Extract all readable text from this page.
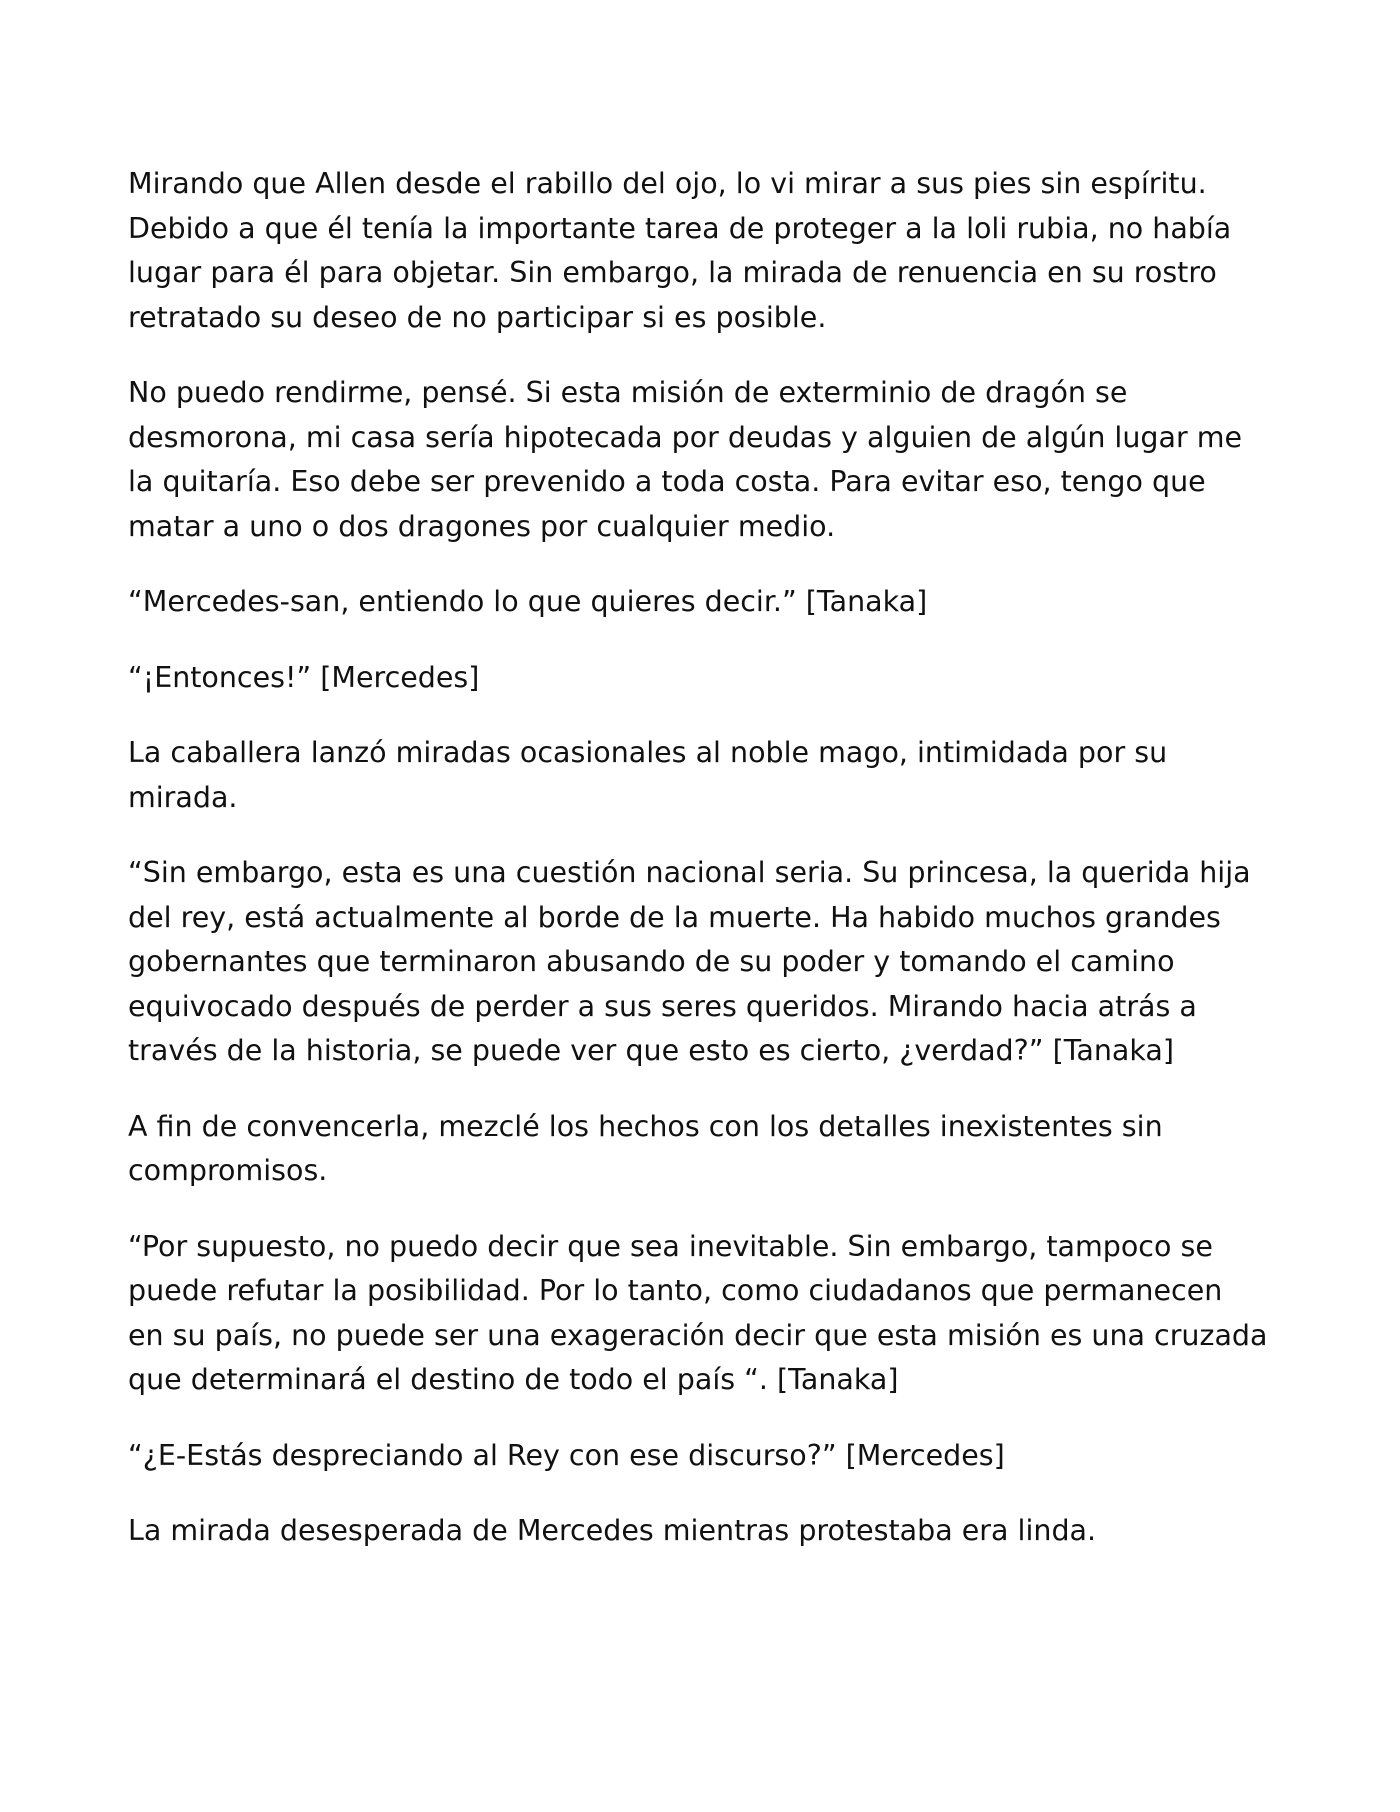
Mirando que Allen desde el rabillo del ojo, lo vi mirar a sus pies sin espíritu.
Debido a que él tenía la importante tarea de proteger a la loli rubia, no había
lugar para él para objetar. Sin embargo, la mirada de renuencia en su rostro
retratado su deseo de no participar si es posible.

No puedo rendirme, pensé. Si esta misión de exterminio de dragón se
desmorona, mi casa sería hipotecada por deudas y alguien de algún lugar me
la quitaría. Eso debe ser prevenido a toda costa. Para evitar eso, tengo que
matar a uno o dos dragones por cualquier medio.

“Mercedes-san, entiendo lo que quieres decir.” [Tanaka]

“¡Entonces!” [Mercedes]

La caballera lanzó miradas ocasionales al noble mago, intimidada por su
mirada.

“Sin embargo, esta es una cuestión nacional seria. Su princesa, la querida hija
del rey, está actualmente al borde de la muerte. Ha habido muchos grandes
gobernantes que terminaron abusando de su poder y tomando el camino
equivocado después de perder a sus seres queridos. Mirando hacia atrás a
través de la historia, se puede ver que esto es cierto, ¿verdad?” [Tanaka]

A fin de convencerla, mezclé los hechos con los detalles inexistentes sin
compromisos.

“Por supuesto, no puedo decir que sea inevitable. Sin embargo, tampoco se
puede refutar la posibilidad. Por lo tanto, como ciudadanos que permanecen
en su país, no puede ser una exageración decir que esta misión es una cruzada
que determinará el destino de todo el país “. [Tanaka]

“¿E-Estás despreciando al Rey con ese discurso?” [Mercedes]

La mirada desesperada de Mercedes mientras protestaba era linda.
